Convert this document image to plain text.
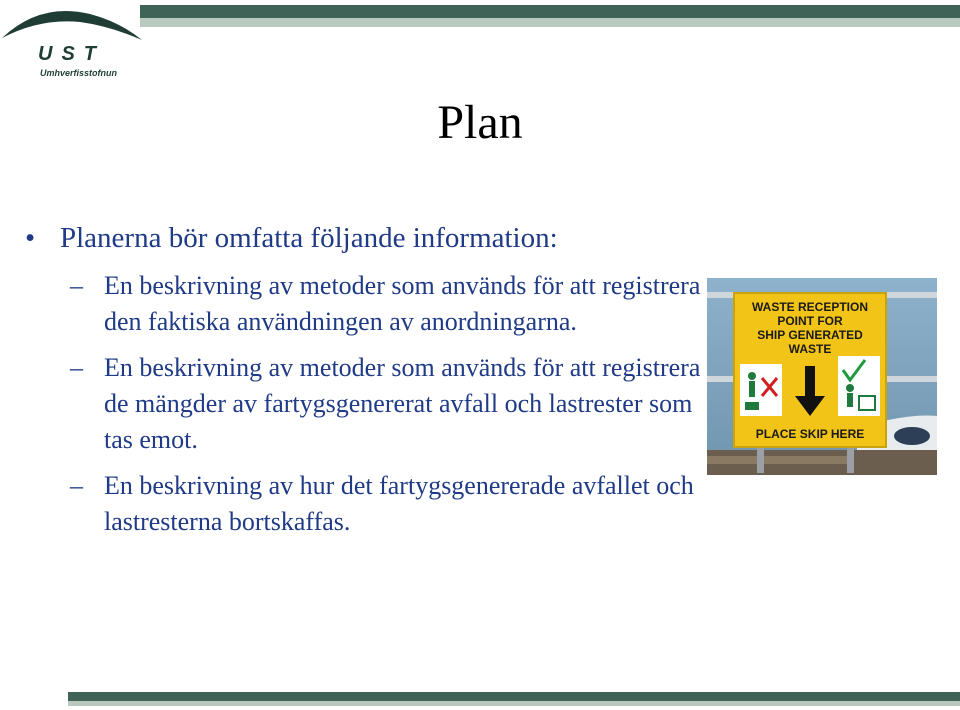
UST
Umhverfisstofnun
Plan
• Planerna bör omfatta följande information:
– En beskrivning av metoder som används för att registrera den faktiska användningen av anordningarna.
– En beskrivning av metoder som används för att registrera de mängder av fartygsgenererat avfall och lastrester som tas emot.
– En beskrivning av hur det fartygsgenererade avfallet och lastresterna bortskaffas.
WASTE RECEPTION
POINT FOR
SHIP GENERATED
WASTE
PLACE SKIP HERE
